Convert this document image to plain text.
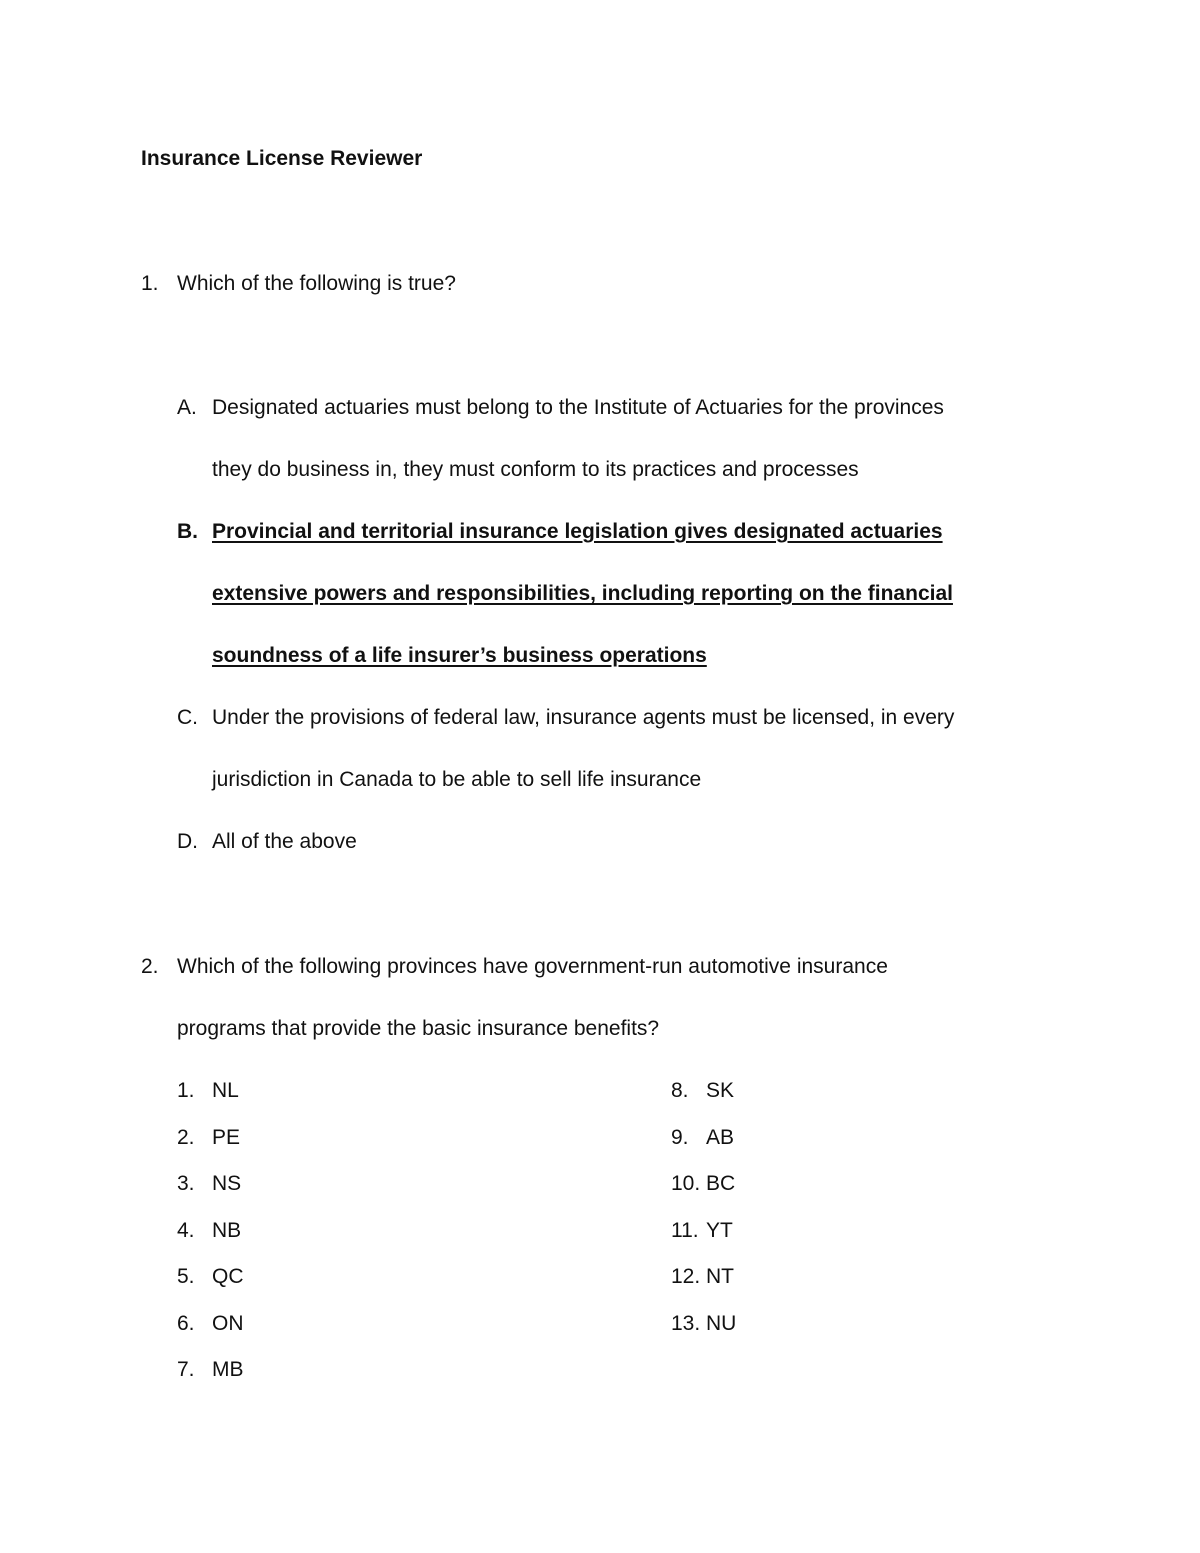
Insurance License Reviewer
1. Which of the following is true?
A. Designated actuaries must belong to the Institute of Actuaries for the provinces
they do business in, they must conform to its practices and processes
B. Provincial and territorial insurance legislation gives designated actuaries
extensive powers and responsibilities, including reporting on the financial
soundness of a life insurer’s business operations
C. Under the provisions of federal law, insurance agents must be licensed, in every
jurisdiction in Canada to be able to sell life insurance
D. All of the above
2. Which of the following provinces have government-run automotive insurance
programs that provide the basic insurance benefits?
1. NL
2. PE
3. NS
4. NB
5. QC
6. ON
7. MB
8. SK
9. AB
10. BC
11. YT
12. NT
13. NU
